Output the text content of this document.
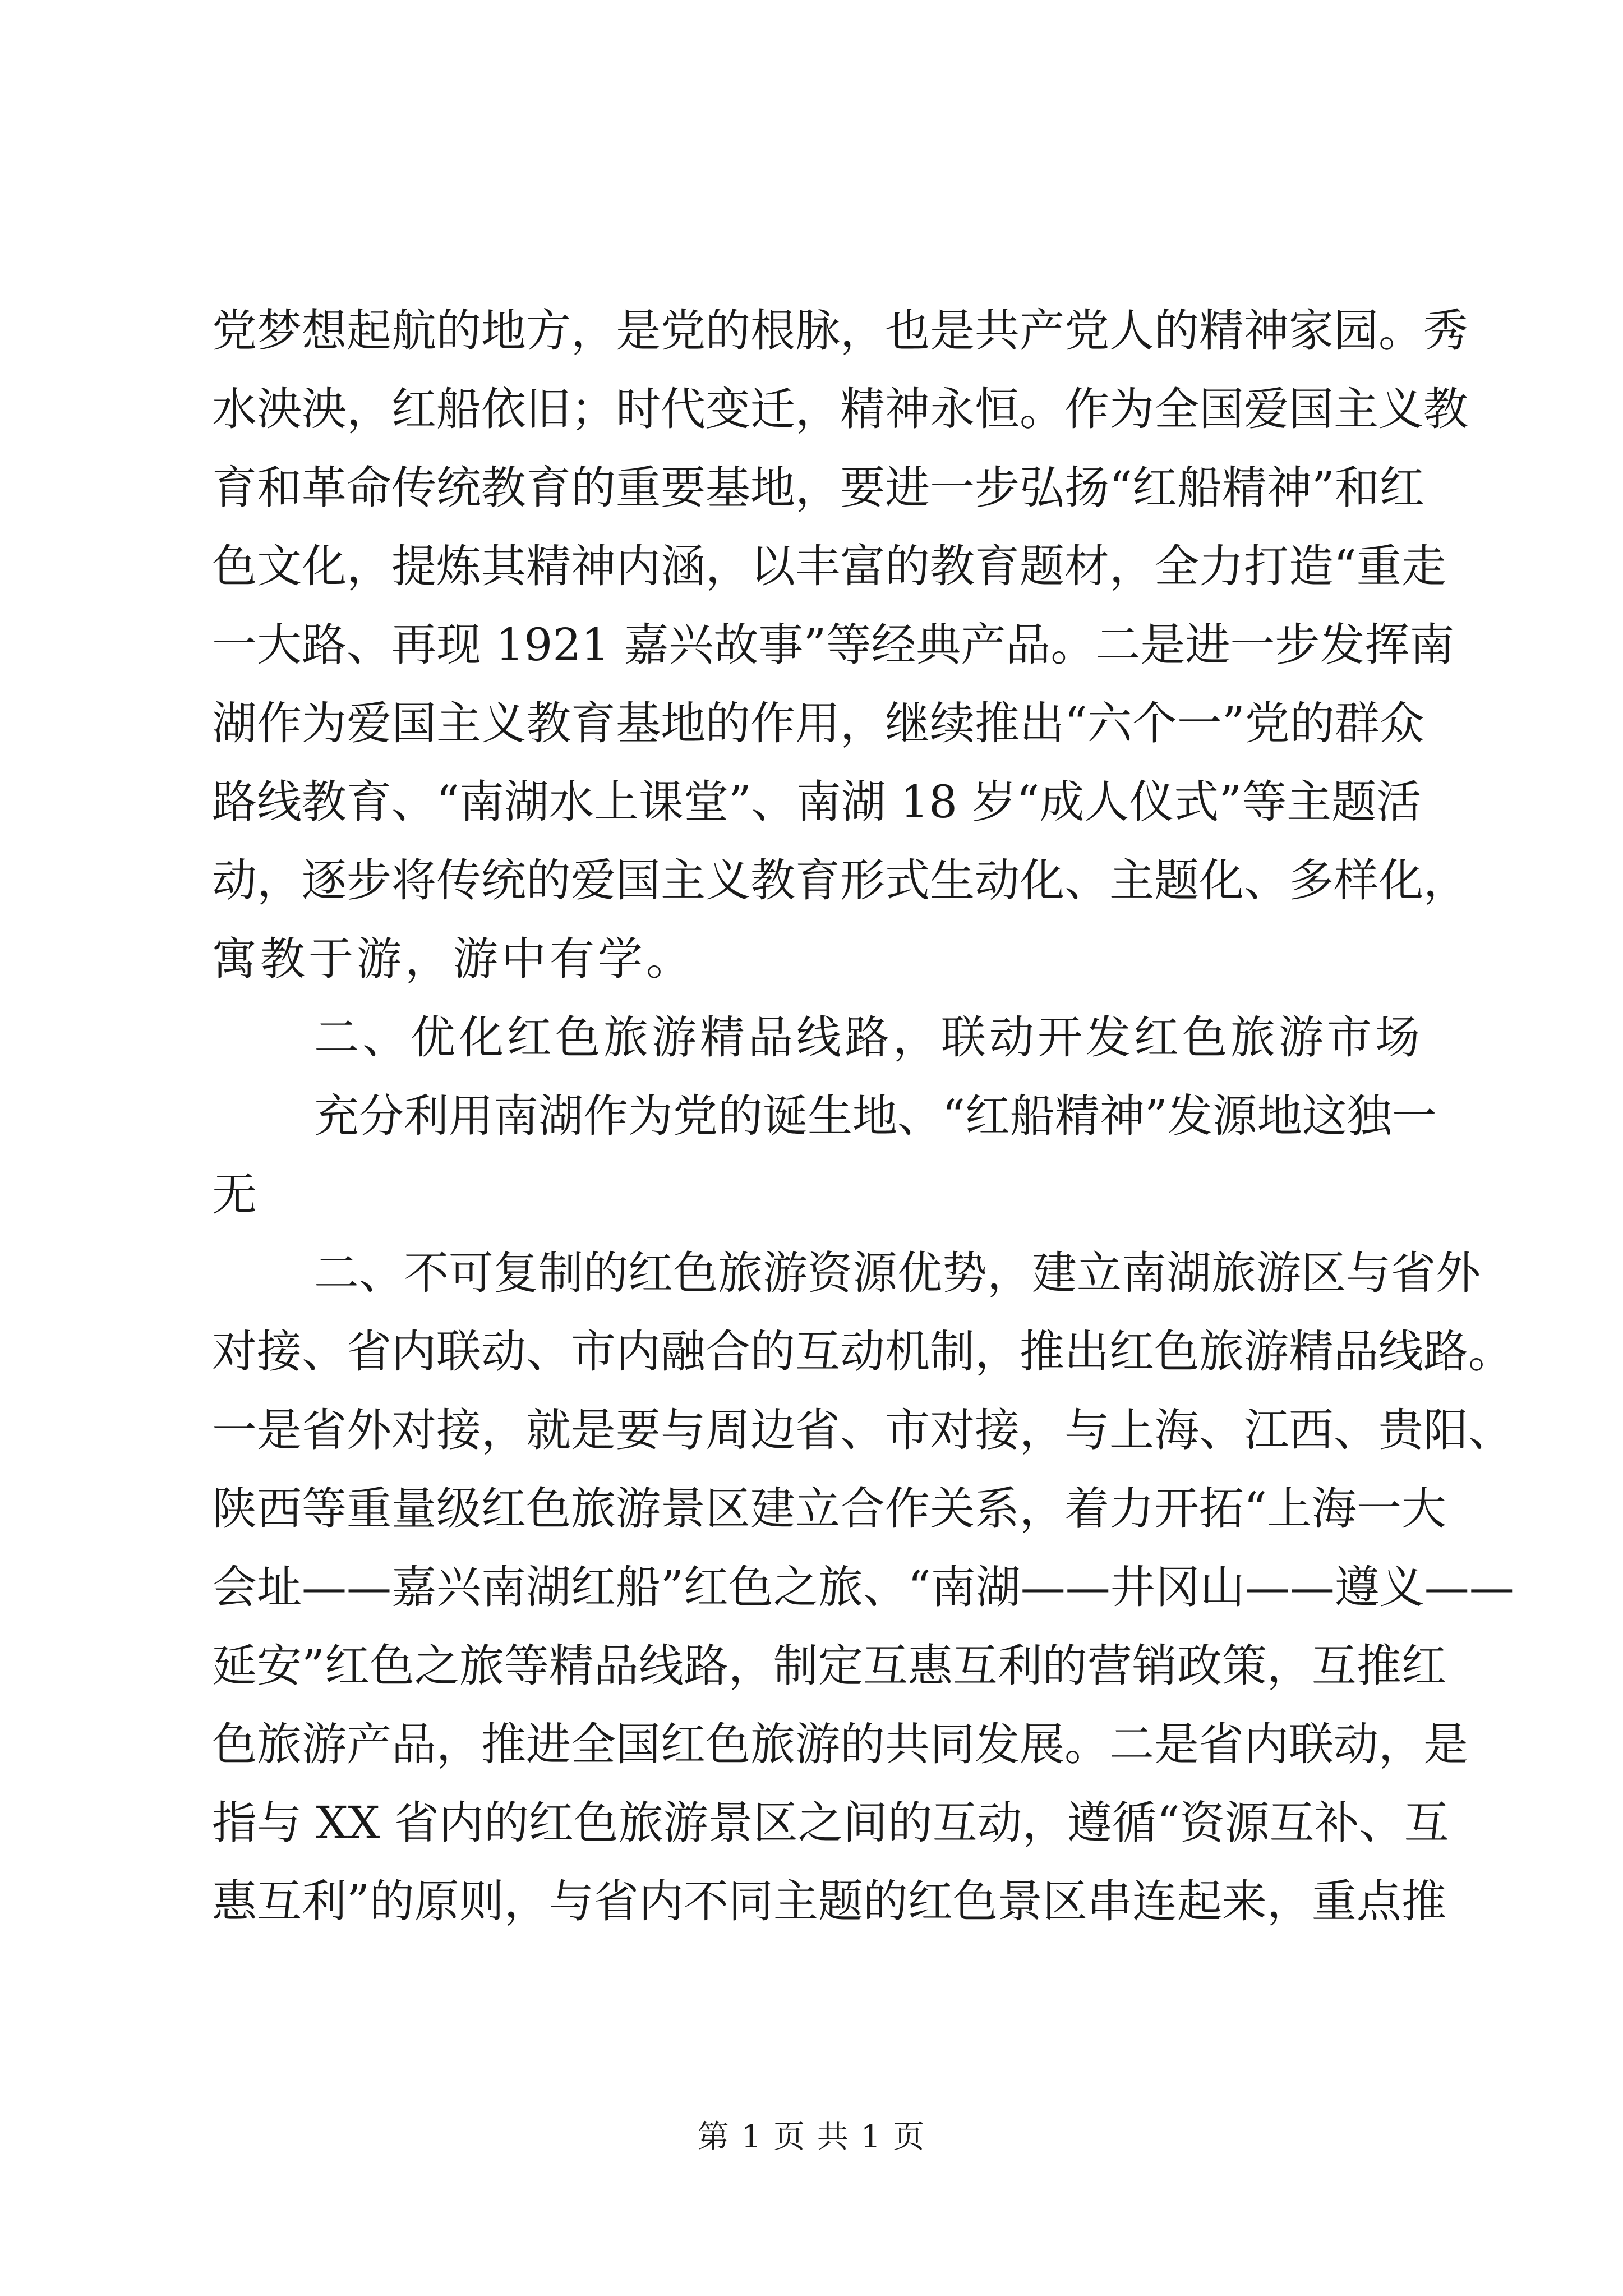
党梦想起航的地方，是党的根脉，也是共产党人的精神家园。秀
水泱泱，红船依旧；时代变迁，精神永恒。作为全国爱国主义教
育和革命传统教育的重要基地，要进一步弘扬“红船精神”和红
色文化，提炼其精神内涵，以丰富的教育题材，全力打造“重走
一大路、再现 1921 嘉兴故事”等经典产品。二是进一步发挥南
湖作为爱国主义教育基地的作用，继续推出“六个一”党的群众
路线教育、“南湖水上课堂”、南湖 18 岁“成人仪式”等主题活
动，逐步将传统的爱国主义教育形式生动化、主题化、多样化，
寓教于游，游中有学。
二、优化红色旅游精品线路，联动开发红色旅游市场
充分利用南湖作为党的诞生地、“红船精神”发源地这独一
无
二、不可复制的红色旅游资源优势，建立南湖旅游区与省外
对接、省内联动、市内融合的互动机制，推出红色旅游精品线路。
一是省外对接，就是要与周边省、市对接，与上海、江西、贵阳、
陕西等重量级红色旅游景区建立合作关系，着力开拓“上海一大
会址——嘉兴南湖红船”红色之旅、“南湖——井冈山——遵义——
延安”红色之旅等精品线路，制定互惠互利的营销政策，互推红
色旅游产品，推进全国红色旅游的共同发展。二是省内联动，是
指与 XX 省内的红色旅游景区之间的互动，遵循“资源互补、互
惠互利”的原则，与省内不同主题的红色景区串连起来，重点推
第 1 页 共 1 页
